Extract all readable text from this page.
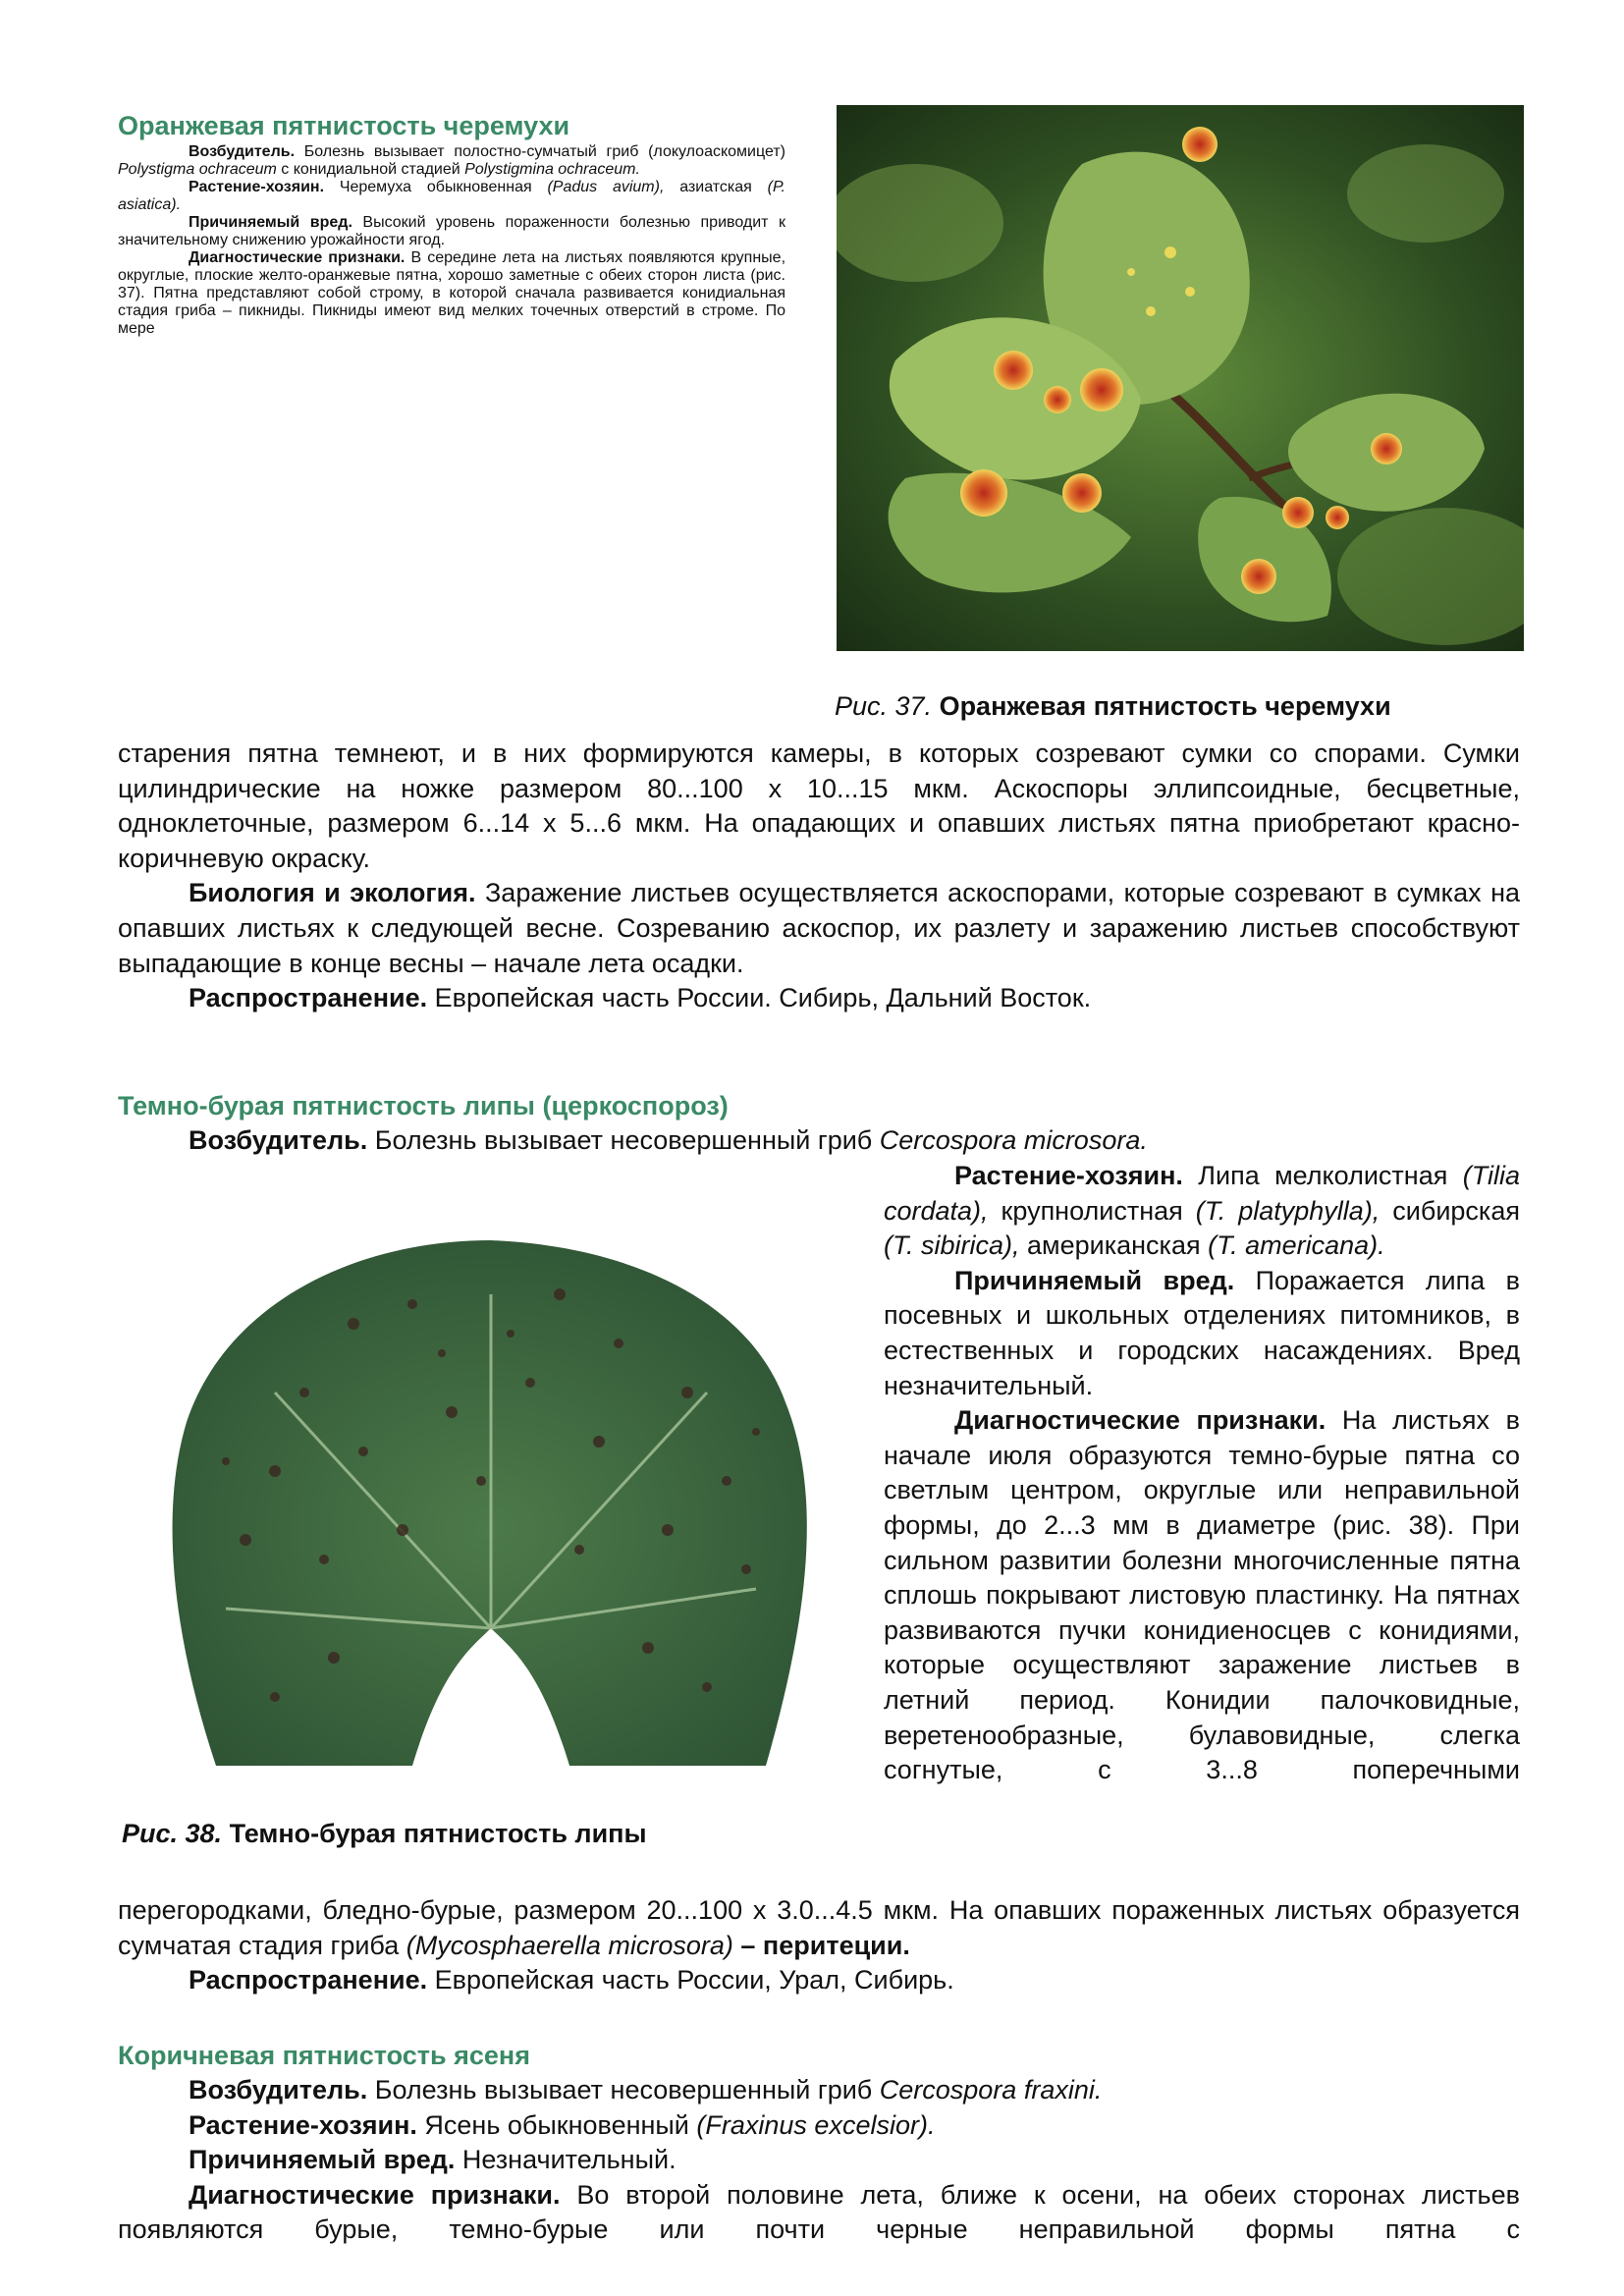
Оранжевая пятнистость черемухи

Возбудитель. Болезнь вызывает полостно-сумчатый гриб (локулоаскомицет) Polystigma ochraceum с конидиальной стадией Polystigmina ochraceum.

Растение-хозяин. Черемуха обыкновенная (Padus avium), азиатская (P. asiatica).

Причиняемый вред. Высокий уровень пораженности болезнью приводит к значительному снижению урожайности ягод.

Диагностические признаки. В середине лета на листьях появляются крупные, округлые, плоские желто-оранжевые пятна, хорошо заметные с обеих сторон листа (рис. 37). Пятна представляют собой строму, в которой сначала развивается конидиальная стадия гриба – пикниды. Пикниды имеют вид мелких точечных отверстий в строме. По мере

Рис. 37. Оранжевая пятнистость черемухи

старения пятна темнеют, и в них формируются камеры, в которых созревают сумки со спорами. Сумки цилиндрические на ножке размером 80...100 х 10...15 мкм. Аскоспоры эллипсоидные, бесцветные, одноклеточные, размером 6...14 х 5...6 мкм. На опадающих и опавших листьях пятна приобретают красно-коричневую окраску.

Биология и экология. Заражение листьев осуществляется аскоспорами, которые созревают в сумках на опавших листьях к следующей весне. Созреванию аскоспор, их разлету и заражению листьев способствуют выпадающие в конце весны – начале лета осадки.

Распространение. Европейская часть России. Сибирь, Дальний Восток.

Темно-бурая пятнистость липы (церкоспороз)

Возбудитель. Болезнь вызывает несовершенный гриб Cercospora microsora.

Растение-хозяин. Липа мелколистная (Tilia cordata), крупнолистная (T. platyphylla), сибирская (T. sibirica), американская (T. americana).

Причиняемый вред. Поражается липа в посевных и школьных отделениях питомников, в естественных и городских насаждениях. Вред незначительный.

Диагностические признаки. На листьях в начале июля образуются темно-бурые пятна со светлым центром, округлые или неправильной формы, до 2...3 мм в диаметре (рис. 38). При сильном развитии болезни многочисленные пятна сплошь покрывают листовую пластинку. На пятнах развиваются пучки конидиеносцев с конидиями, которые осуществляют заражение листьев в летний период. Конидии палочковидные, веретенообразные, булавовидные, слегка согнутые, с 3...8 поперечными

Рис. 38. Темно-бурая пятнистость липы

перегородками, бледно-бурые, размером 20...100 х 3.0...4.5 мкм. На опавших пораженных листьях образуется сумчатая стадия гриба (Mycosphaerella microsora) – перитеции.

Распространение. Европейская часть России, Урал, Сибирь.

Коричневая пятнистость ясеня

Возбудитель. Болезнь вызывает несовершенный гриб Cercospora fraxini.

Растение-хозяин. Ясень обыкновенный (Fraxinus excelsior).

Причиняемый вред. Незначительный.

Диагностические признаки. Во второй половине лета, ближе к осени, на обеих сторонах листьев появляются бурые, темно-бурые или почти черные неправильной формы пятна с
